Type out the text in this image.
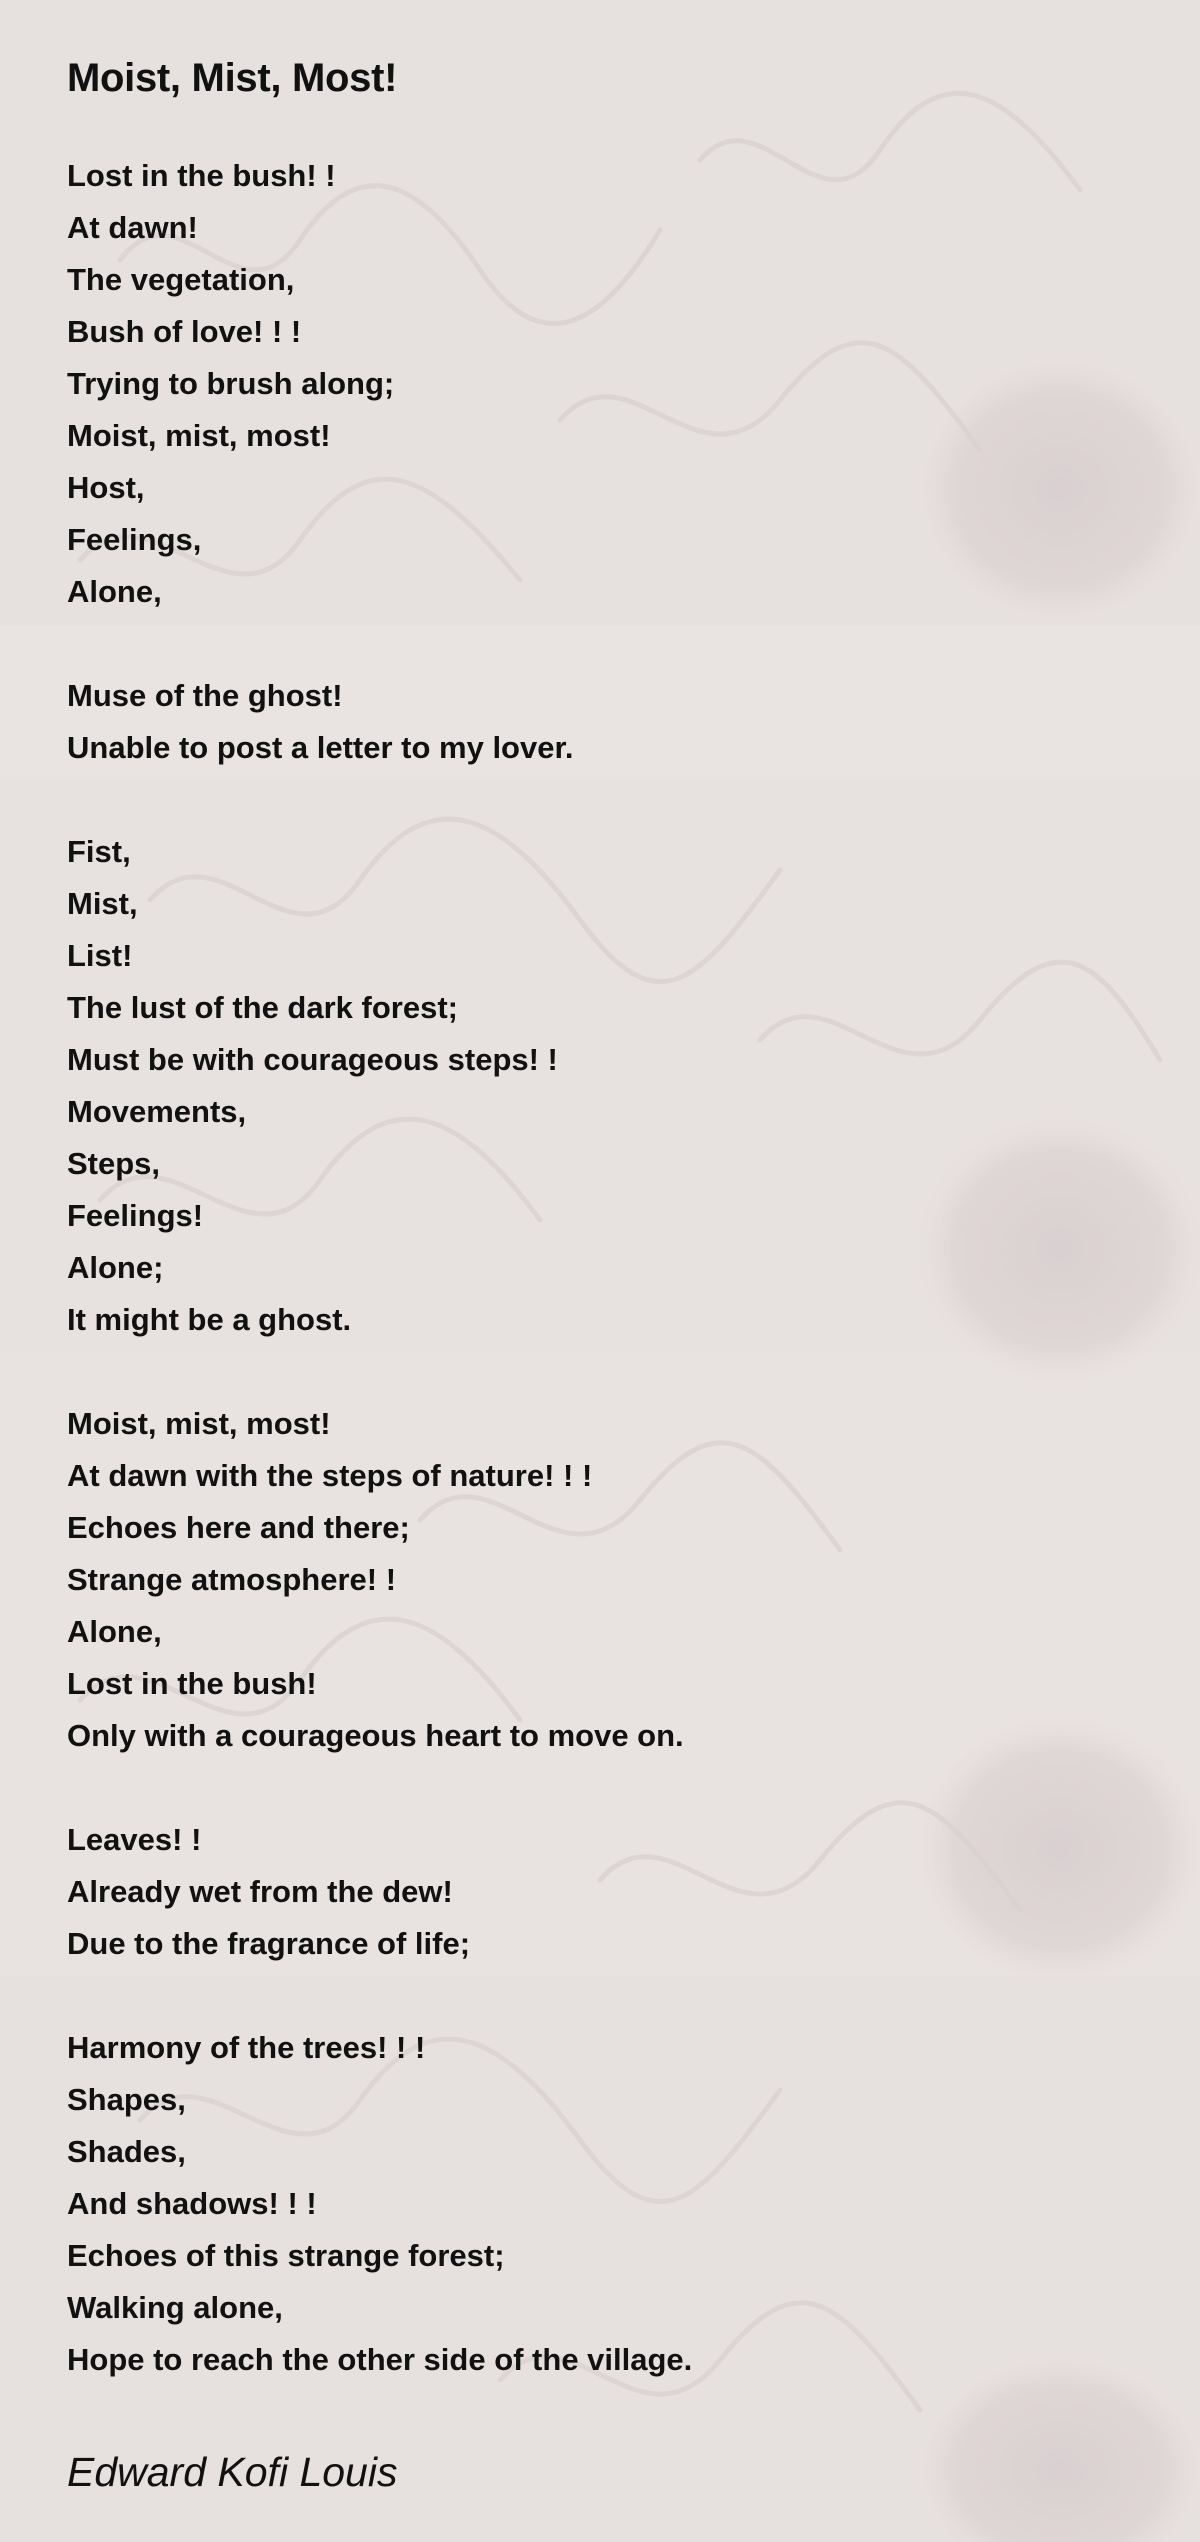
Moist, Mist, Most!
Lost in the bush! !
At dawn!
The vegetation,
Bush of love! ! !
Trying to brush along;
Moist, mist, most!
Host,
Feelings,
Alone,
Muse of the ghost!
Unable to post a letter to my lover.
Fist,
Mist,
List!
The lust of the dark forest;
Must be with courageous steps! !
Movements,
Steps,
Feelings!
Alone;
It might be a ghost.
Moist, mist, most!
At dawn with the steps of nature! ! !
Echoes here and there;
Strange atmosphere! !
Alone,
Lost in the bush!
Only with a courageous heart to move on.
Leaves! !
Already wet from the dew!
Due to the fragrance of life;
Harmony of the trees! ! !
Shapes,
Shades,
And shadows! ! !
Echoes of this strange forest;
Walking alone,
Hope to reach the other side of the village.
Edward Kofi Louis
